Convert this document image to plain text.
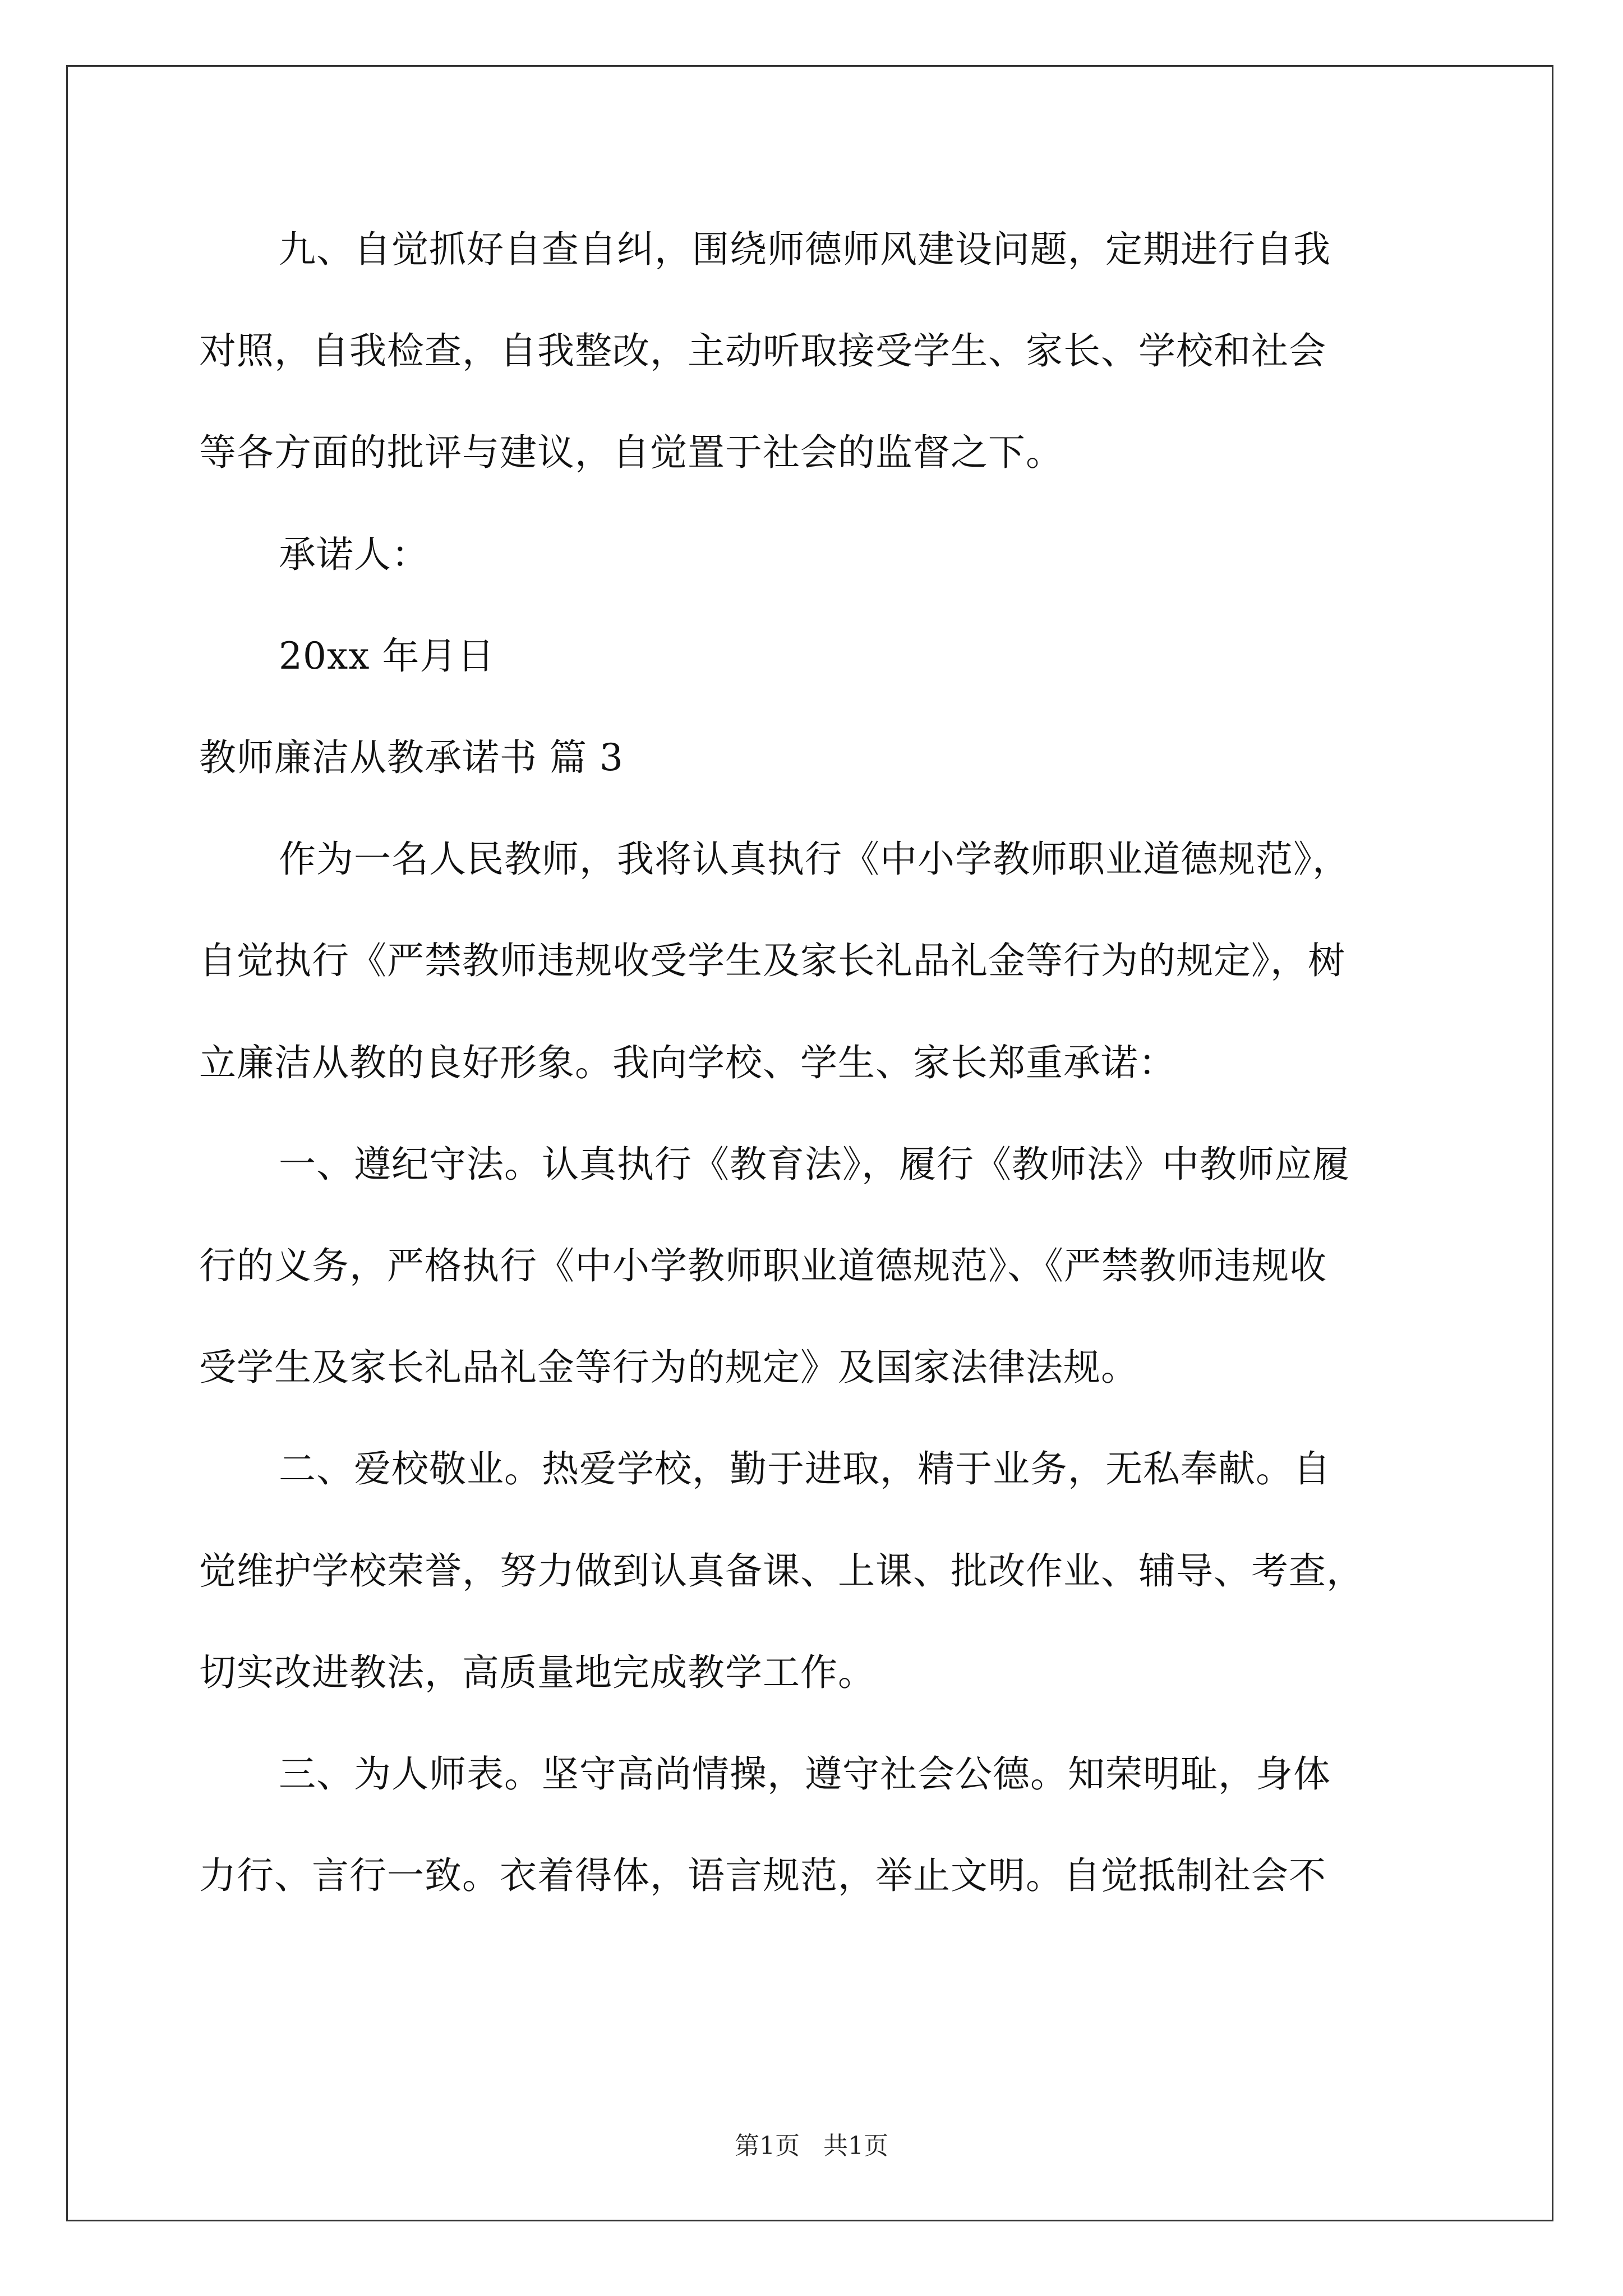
九、自觉抓好自查自纠，围绕师德师风建设问题，定期进行自我
对照，自我检查，自我整改，主动听取接受学生、家长、学校和社会
等各方面的批评与建议，自觉置于社会的监督之下。
承诺人：
20xx 年月日
教师廉洁从教承诺书 篇 3
作为一名人民教师，我将认真执行《中小学教师职业道德规范》，
自觉执行《严禁教师违规收受学生及家长礼品礼金等行为的规定》，树
立廉洁从教的良好形象。我向学校、学生、家长郑重承诺：
一、遵纪守法。认真执行《教育法》，履行《教师法》中教师应履
行的义务，严格执行《中小学教师职业道德规范》、《严禁教师违规收
受学生及家长礼品礼金等行为的规定》及国家法律法规。
二、爱校敬业。热爱学校，勤于进取，精于业务，无私奉献。自
觉维护学校荣誉，努力做到认真备课、上课、批改作业、辅导、考查，
切实改进教法，高质量地完成教学工作。
三、为人师表。坚守高尚情操，遵守社会公德。知荣明耻，身体
力行、言行一致。衣着得体，语言规范，举止文明。自觉抵制社会不
第1页   共1页
